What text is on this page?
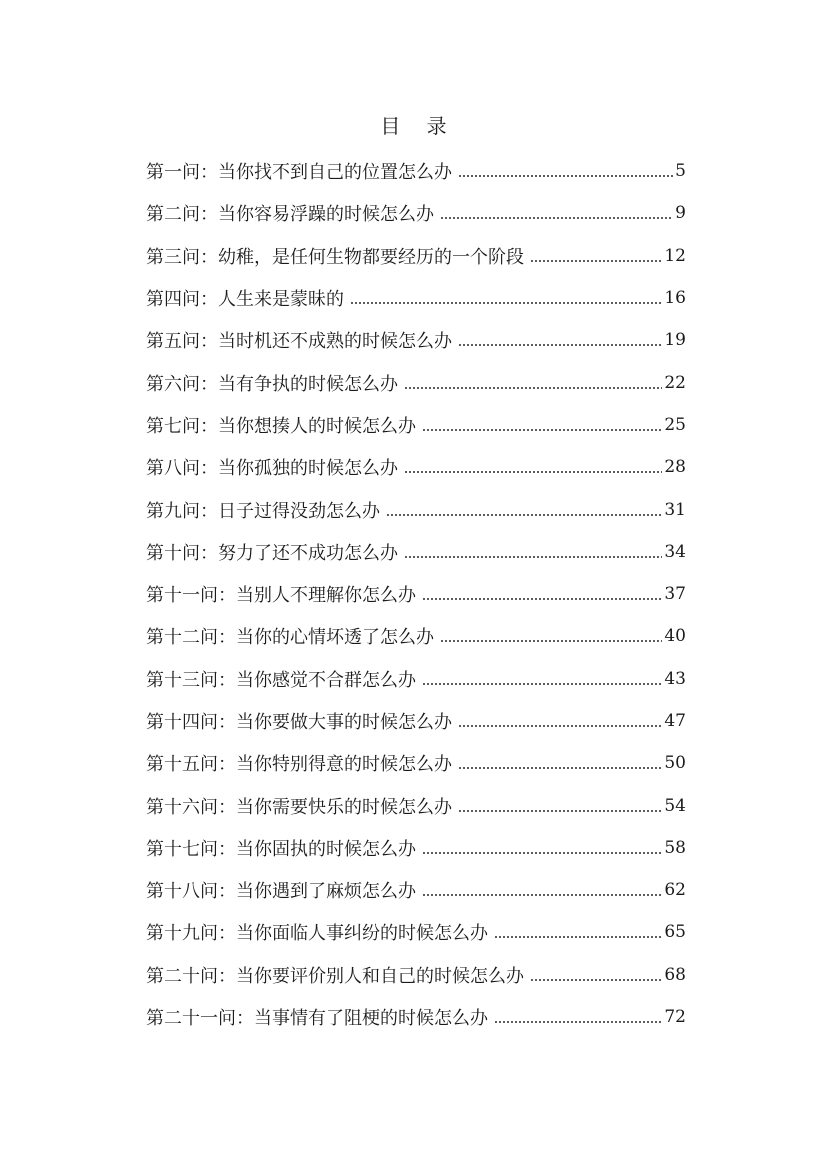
目 录
第一问： 当你找不到自己的位置怎么办	5
第二问： 当你容易浮躁的时候怎么办	9
第三问： 幼稚，是任何生物都要经历的一个阶段	12
第四问： 人生来是蒙昧的	16
第五问： 当时机还不成熟的时候怎么办	19
第六问： 当有争执的时候怎么办	22
第七问： 当你想揍人的时候怎么办	25
第八问： 当你孤独的时候怎么办	28
第九问： 日子过得没劲怎么办	31
第十问： 努力了还不成功怎么办	34
第十一问： 当别人不理解你怎么办	37
第十二问： 当你的心情坏透了怎么办	40
第十三问： 当你感觉不合群怎么办	43
第十四问： 当你要做大事的时候怎么办	47
第十五问： 当你特别得意的时候怎么办	50
第十六问： 当你需要快乐的时候怎么办	54
第十七问： 当你固执的时候怎么办	58
第十八问： 当你遇到了麻烦怎么办	62
第十九问： 当你面临人事纠纷的时候怎么办	65
第二十问： 当你要评价别人和自己的时候怎么办	68
第二十一问： 当事情有了阻梗的时候怎么办	72
